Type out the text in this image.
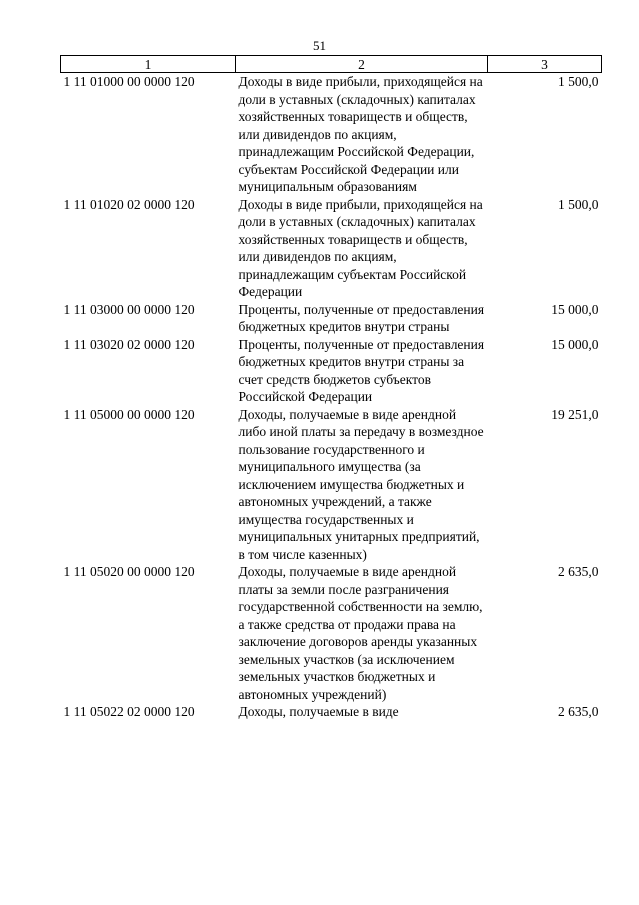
51
1	2	3
1 11 01000 00 0000 120	Доходы в виде прибыли, приходящейся на доли в уставных (складочных) капиталах хозяйственных товариществ и обществ, или дивидендов по акциям, принадлежащим Российской Федерации, субъектам Российской Федерации или муниципальным образованиям	1 500,0
1 11 01020 02 0000 120	Доходы в виде прибыли, приходящейся на доли в уставных (складочных) капиталах хозяйственных товариществ и обществ, или дивидендов по акциям, принадлежащим субъектам Российской Федерации	1 500,0
1 11 03000 00 0000 120	Проценты, полученные от предоставления бюджетных кредитов внутри страны	15 000,0
1 11 03020 02 0000 120	Проценты, полученные от предоставления бюджетных кредитов внутри страны за счет средств бюджетов субъектов Российской Федерации	15 000,0
1 11 05000 00 0000 120	Доходы, получаемые в виде арендной либо иной платы за передачу в возмездное пользование государственного и муниципального имущества (за исключением имущества бюджетных и автономных учреждений, а также имущества государственных и муниципальных унитарных предприятий, в том числе казенных)	19 251,0
1 11 05020 00 0000 120	Доходы, получаемые в виде арендной платы за земли после разграничения государственной собственности на землю, а также средства от продажи права на заключение договоров аренды указанных земельных участков (за исключением земельных участков бюджетных и автономных учреждений)	2 635,0
1 11 05022 02 0000 120	Доходы, получаемые в виде	2 635,0
